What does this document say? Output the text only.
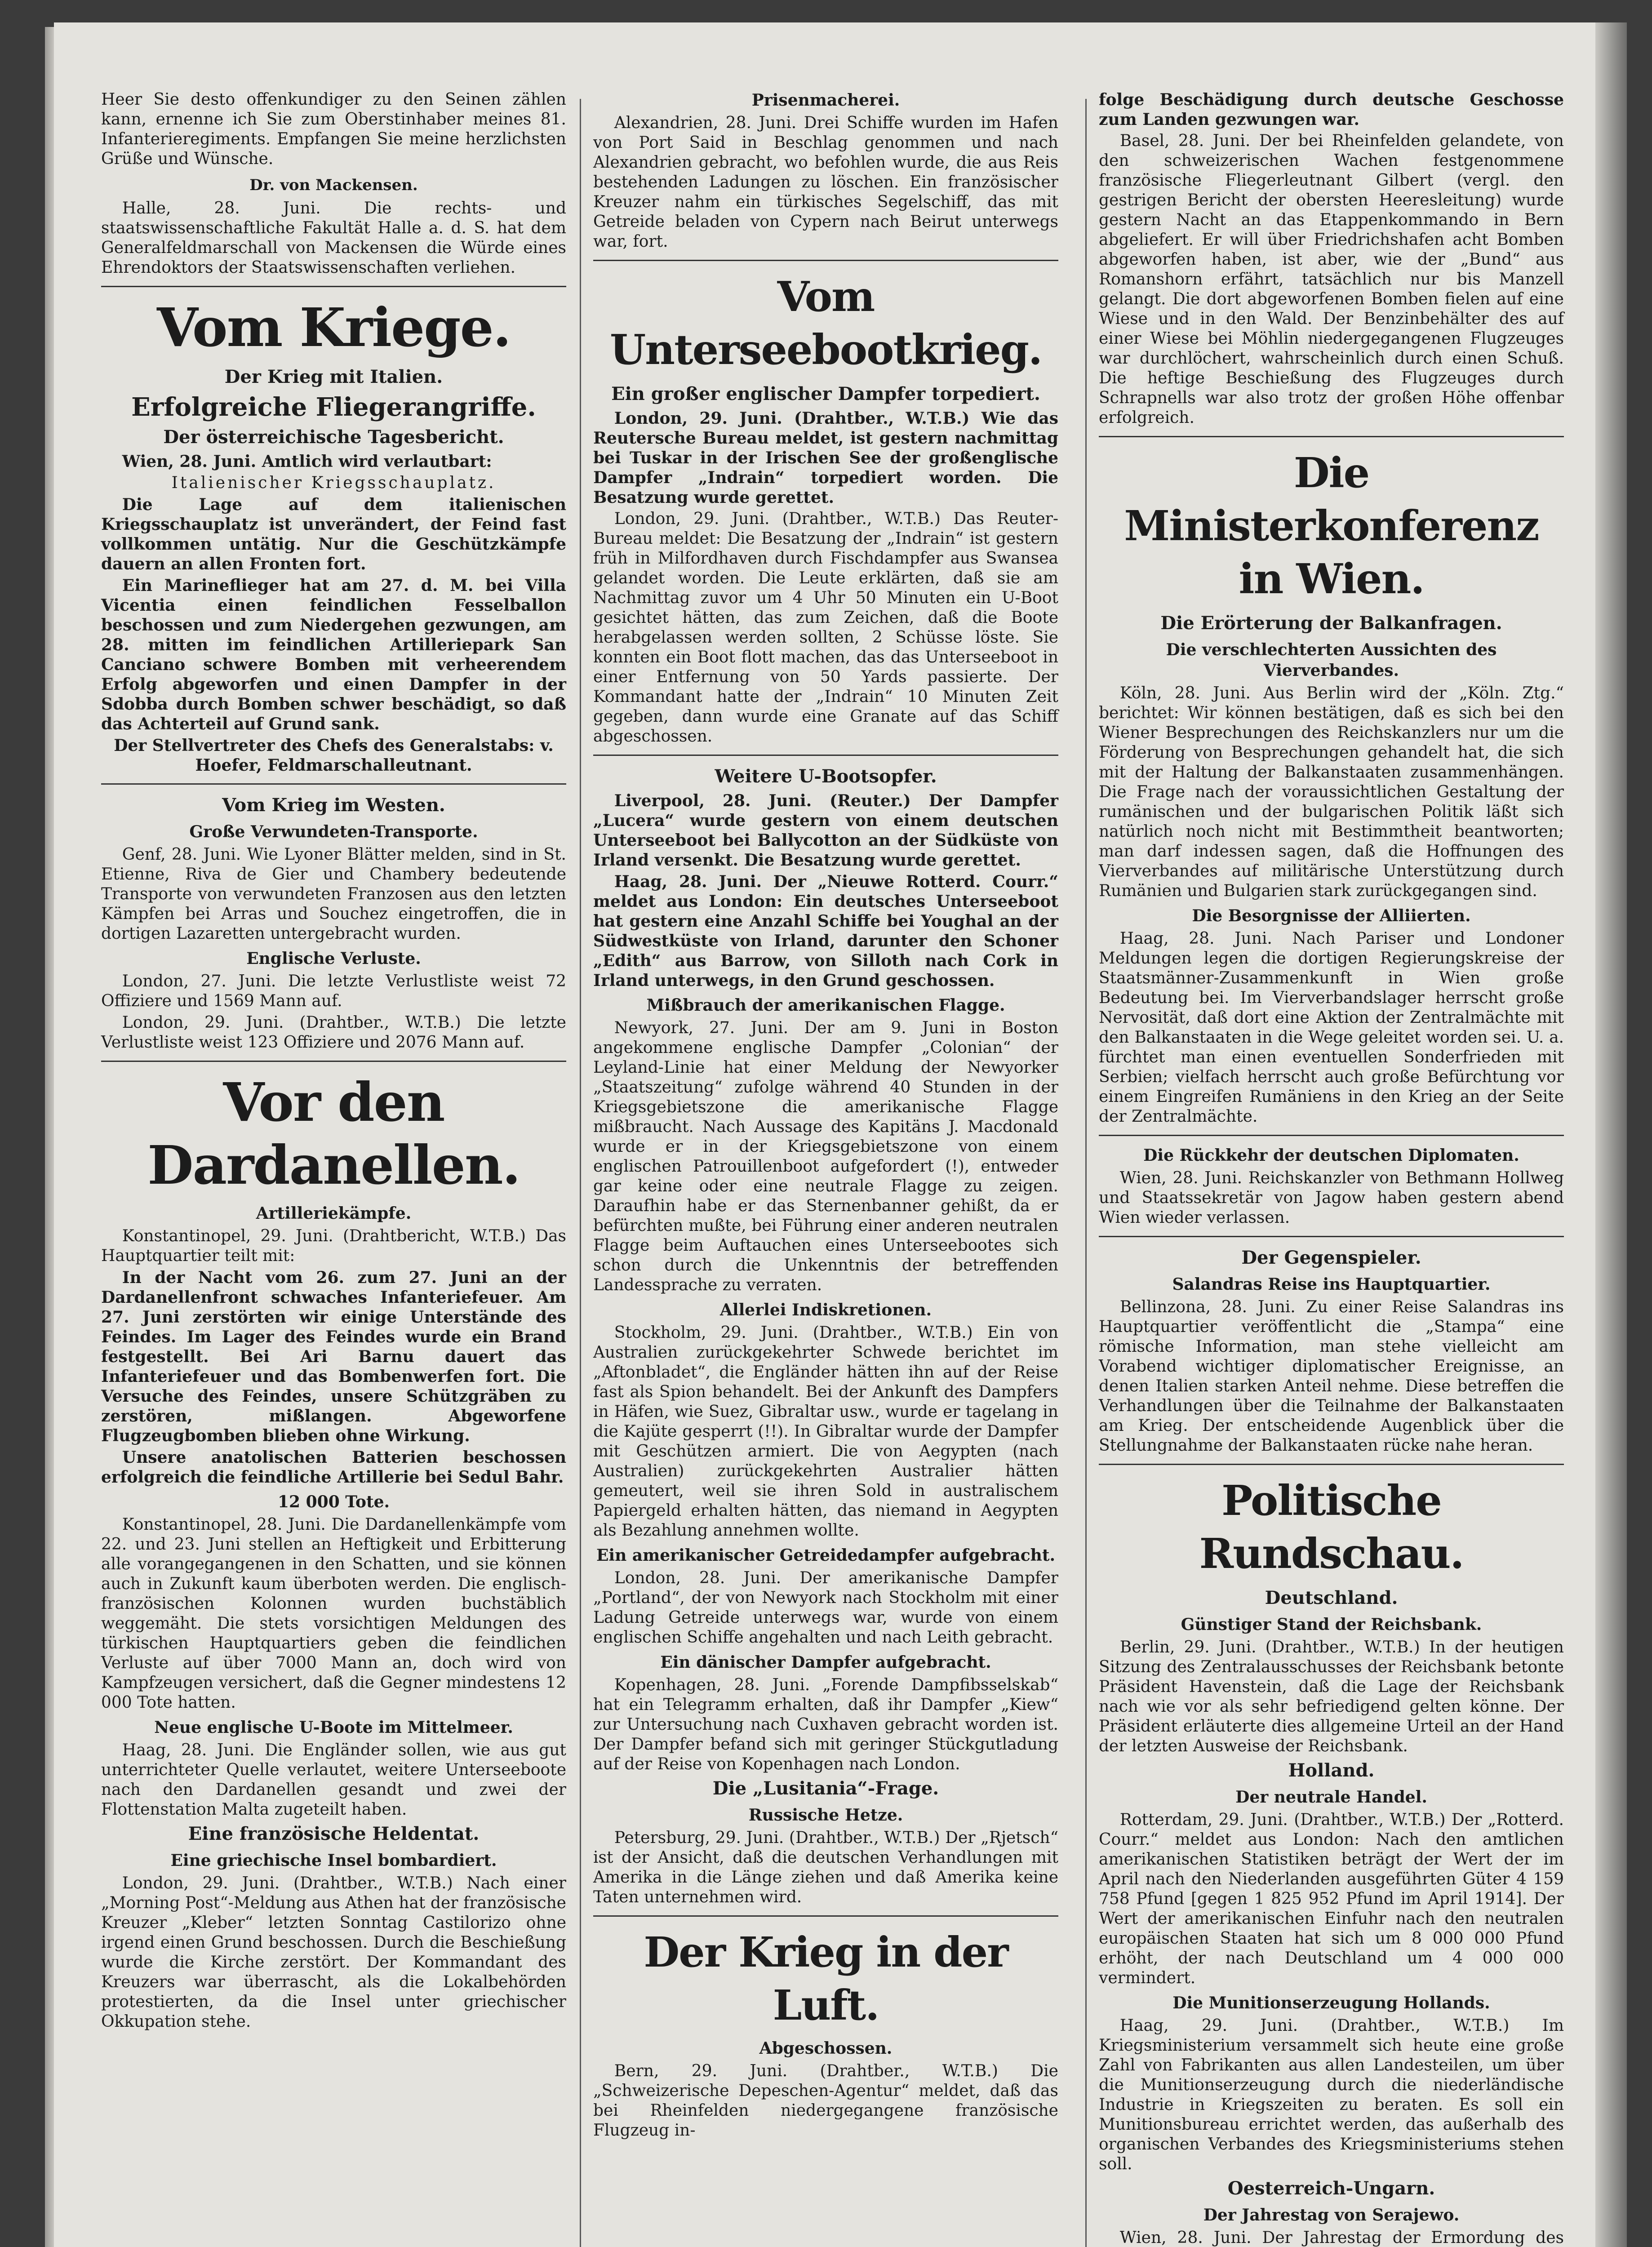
Heer Sie desto offenkundiger zu den Seinen zählen kann, ernenne ich Sie zum Oberstinhaber meines 81. Infanterieregiments. Empfangen Sie meine herzlichsten Grüße und Wünsche.

Dr. von Mackensen.

Halle, 28. Juni. Die rechts- und staatswissenschaftliche Fakultät Halle a. d. S. hat dem Generalfeldmarschall von Mackensen die Würde eines Ehrendoktors der Staatswissenschaften verliehen.

Vom Kriege.
Der Krieg mit Italien.
Erfolgreiche Fliegerangriffe.
Der österreichische Tagesbericht.

Wien, 28. Juni. Amtlich wird verlautbart:

Italienischer Kriegsschauplatz.

Die Lage auf dem italienischen Kriegsschauplatz ist unverändert, der Feind fast vollkommen untätig. Nur die Geschützkämpfe dauern an allen Fronten fort.

Ein Marineflieger hat am 27. d. M. bei Villa Vicentia einen feindlichen Fesselballon beschossen und zum Niedergehen gezwungen, am 28. mitten im feindlichen Artilleriepark San Canciano schwere Bomben mit verheerendem Erfolg abgeworfen und einen Dampfer in der Sdobba durch Bomben schwer beschädigt, so daß das Achterteil auf Grund sank.

Der Stellvertreter des Chefs des Generalstabs: v. Hoefer, Feldmarschalleutnant.

Vom Krieg im Westen.
Große Verwundeten-Transporte.

Genf, 28. Juni. Wie Lyoner Blätter melden, sind in St. Etienne, Riva de Gier und Chambery bedeutende Transporte von verwundeten Franzosen aus den letzten Kämpfen bei Arras und Souchez eingetroffen, die in dortigen Lazaretten untergebracht wurden.

Englische Verluste.

London, 27. Juni. Die letzte Verlustliste weist 72 Offiziere und 1569 Mann auf.

London, 29. Juni. (Drahtber., W.T.B.) Die letzte Verlustliste weist 123 Offiziere und 2076 Mann auf.

Vor den Dardanellen.
Artilleriekämpfe.

Konstantinopel, 29. Juni. (Drahtbericht, W.T.B.) Das Hauptquartier teilt mit:

In der Nacht vom 26. zum 27. Juni an der Dardanellenfront schwaches Infanteriefeuer. Am 27. Juni zerstörten wir einige Unterstände des Feindes. Im Lager des Feindes wurde ein Brand festgestellt. Bei Ari Barnu dauert das Infanteriefeuer und das Bombenwerfen fort. Die Versuche des Feindes, unsere Schützgräben zu zerstören, mißlangen. Abgeworfene Flugzeugbomben blieben ohne Wirkung.

Unsere anatolischen Batterien beschossen erfolgreich die feindliche Artillerie bei Sedul Bahr.

12 000 Tote.

Konstantinopel, 28. Juni. Die Dardanellenkämpfe vom 22. und 23. Juni stellen an Heftigkeit und Erbitterung alle vorangegangenen in den Schatten, und sie können auch in Zukunft kaum überboten werden. Die englisch-französischen Kolonnen wurden buchstäblich weggemäht. Die stets vorsichtigen Meldungen des türkischen Hauptquartiers geben die feindlichen Verluste auf über 7000 Mann an, doch wird von Kampfzeugen versichert, daß die Gegner mindestens 12 000 Tote hatten.

Neue englische U-Boote im Mittelmeer.

Haag, 28. Juni. Die Engländer sollen, wie aus gut unterrichteter Quelle verlautet, weitere Unterseeboote nach den Dardanellen gesandt und zwei der Flottenstation Malta zugeteilt haben.

Eine französische Heldentat.
Eine griechische Insel bombardiert.

London, 29. Juni. (Drahtber., W.T.B.) Nach einer „Morning Post“-Meldung aus Athen hat der französische Kreuzer „Kleber“ letzten Sonntag Castilorizo ohne irgend einen Grund beschossen. Durch die Beschießung wurde die Kirche zerstört. Der Kommandant des Kreuzers war überrascht, als die Lokalbehörden protestierten, da die Insel unter griechischer Okkupation stehe.

Prisenmacherei.

Alexandrien, 28. Juni. Drei Schiffe wurden im Hafen von Port Said in Beschlag genommen und nach Alexandrien gebracht, wo befohlen wurde, die aus Reis bestehenden Ladungen zu löschen. Ein französischer Kreuzer nahm ein türkisches Segelschiff, das mit Getreide beladen von Cypern nach Beirut unterwegs war, fort.

Vom Unterseebootkrieg.
Ein großer englischer Dampfer torpediert.

London, 29. Juni. (Drahtber., W.T.B.) Wie das Reutersche Bureau meldet, ist gestern nachmittag bei Tuskar in der Irischen See der großenglische Dampfer „Indrain“ torpediert worden. Die Besatzung wurde gerettet.

London, 29. Juni. (Drahtber., W.T.B.) Das Reuter-Bureau meldet: Die Besatzung der „Indrain“ ist gestern früh in Milfordhaven durch Fischdampfer aus Swansea gelandet worden. Die Leute erklärten, daß sie am Nachmittag zuvor um 4 Uhr 50 Minuten ein U-Boot gesichtet hätten, das zum Zeichen, daß die Boote herabgelassen werden sollten, 2 Schüsse löste. Sie konnten ein Boot flott machen, das das Unterseeboot in einer Entfernung von 50 Yards passierte. Der Kommandant hatte der „Indrain“ 10 Minuten Zeit gegeben, dann wurde eine Granate auf das Schiff abgeschossen.

Weitere U-Bootsopfer.

Liverpool, 28. Juni. (Reuter.) Der Dampfer „Lucera“ wurde gestern von einem deutschen Unterseeboot bei Ballycotton an der Südküste von Irland versenkt. Die Besatzung wurde gerettet.

Haag, 28. Juni. Der „Nieuwe Rotterd. Courr.“ meldet aus London: Ein deutsches Unterseeboot hat gestern eine Anzahl Schiffe bei Youghal an der Südwestküste von Irland, darunter den Schoner „Edith“ aus Barrow, von Silloth nach Cork in Irland unterwegs, in den Grund geschossen.

Mißbrauch der amerikanischen Flagge.

Newyork, 27. Juni. Der am 9. Juni in Boston angekommene englische Dampfer „Colonian“ der Leyland-Linie hat einer Meldung der Newyorker „Staatszeitung“ zufolge während 40 Stunden in der Kriegsgebietszone die amerikanische Flagge mißbraucht. Nach Aussage des Kapitäns J. Macdonald wurde er in der Kriegsgebietszone von einem englischen Patrouillenboot aufgefordert (!), entweder gar keine oder eine neutrale Flagge zu zeigen. Daraufhin habe er das Sternenbanner gehißt, da er befürchten mußte, bei Führung einer anderen neutralen Flagge beim Auftauchen eines Unterseebootes sich schon durch die Unkenntnis der betreffenden Landessprache zu verraten.

Allerlei Indiskretionen.

Stockholm, 29. Juni. (Drahtber., W.T.B.) Ein von Australien zurückgekehrter Schwede berichtet im „Aftonbladet“, die Engländer hätten ihn auf der Reise fast als Spion behandelt. Bei der Ankunft des Dampfers in Häfen, wie Suez, Gibraltar usw., wurde er tagelang in die Kajüte gesperrt (!!). In Gibraltar wurde der Dampfer mit Geschützen armiert. Die von Aegypten (nach Australien) zurückgekehrten Australier hätten gemeutert, weil sie ihren Sold in australischem Papiergeld erhalten hätten, das niemand in Aegypten als Bezahlung annehmen wollte.

Ein amerikanischer Getreidedampfer aufgebracht.

London, 28. Juni. Der amerikanische Dampfer „Portland“, der von Newyork nach Stockholm mit einer Ladung Getreide unterwegs war, wurde von einem englischen Schiffe angehalten und nach Leith gebracht.

Ein dänischer Dampfer aufgebracht.

Kopenhagen, 28. Juni. „Forende Dampfibsselskab“ hat ein Telegramm erhalten, daß ihr Dampfer „Kiew“ zur Untersuchung nach Cuxhaven gebracht worden ist. Der Dampfer befand sich mit geringer Stückgutladung auf der Reise von Kopenhagen nach London.

Die „Lusitania“-Frage.
Russische Hetze.

Petersburg, 29. Juni. (Drahtber., W.T.B.) Der „Rjetsch“ ist der Ansicht, daß die deutschen Verhandlungen mit Amerika in die Länge ziehen und daß Amerika keine Taten unternehmen wird.

Der Krieg in der Luft.
Abgeschossen.

Bern, 29. Juni. (Drahtber., W.T.B.) Die „Schweizerische Depeschen-Agentur“ meldet, daß das bei Rheinfelden niedergegangene französische Flugzeug in-

folge Beschädigung durch deutsche Geschosse zum Landen gezwungen war.

Basel, 28. Juni. Der bei Rheinfelden gelandete, von den schweizerischen Wachen festgenommene französische Fliegerleutnant Gilbert (vergl. den gestrigen Bericht der obersten Heeresleitung) wurde gestern Nacht an das Etappenkommando in Bern abgeliefert. Er will über Friedrichshafen acht Bomben abgeworfen haben, ist aber, wie der „Bund“ aus Romanshorn erfährt, tatsächlich nur bis Manzell gelangt. Die dort abgeworfenen Bomben fielen auf eine Wiese und in den Wald. Der Benzinbehälter des auf einer Wiese bei Möhlin niedergegangenen Flugzeuges war durchlöchert, wahrscheinlich durch einen Schuß. Die heftige Beschießung des Flugzeuges durch Schrapnells war also trotz der großen Höhe offenbar erfolgreich.

Die Ministerkonferenz in Wien.
Die Erörterung der Balkanfragen.
Die verschlechterten Aussichten des Vierverbandes.

Köln, 28. Juni. Aus Berlin wird der „Köln. Ztg.“ berichtet: Wir können bestätigen, daß es sich bei den Wiener Besprechungen des Reichskanzlers nur um die Förderung von Besprechungen gehandelt hat, die sich mit der Haltung der Balkanstaaten zusammenhängen. Die Frage nach der voraussichtlichen Gestaltung der rumänischen und der bulgarischen Politik läßt sich natürlich noch nicht mit Bestimmtheit beantworten; man darf indessen sagen, daß die Hoffnungen des Vierverbandes auf militärische Unterstützung durch Rumänien und Bulgarien stark zurückgegangen sind.

Die Besorgnisse der Alliierten.

Haag, 28. Juni. Nach Pariser und Londoner Meldungen legen die dortigen Regierungskreise der Staatsmänner-Zusammenkunft in Wien große Bedeutung bei. Im Vierverbandslager herrscht große Nervosität, daß dort eine Aktion der Zentralmächte mit den Balkanstaaten in die Wege geleitet worden sei. U. a. fürchtet man einen eventuellen Sonderfrieden mit Serbien; vielfach herrscht auch große Befürchtung vor einem Eingreifen Rumäniens in den Krieg an der Seite der Zentralmächte.

Die Rückkehr der deutschen Diplomaten.

Wien, 28. Juni. Reichskanzler von Bethmann Hollweg und Staatssekretär von Jagow haben gestern abend Wien wieder verlassen.

Der Gegenspieler.
Salandras Reise ins Hauptquartier.

Bellinzona, 28. Juni. Zu einer Reise Salandras ins Hauptquartier veröffentlicht die „Stampa“ eine römische Information, man stehe vielleicht am Vorabend wichtiger diplomatischer Ereignisse, an denen Italien starken Anteil nehme. Diese betreffen die Verhandlungen über die Teilnahme der Balkanstaaten am Krieg. Der entscheidende Augenblick über die Stellungnahme der Balkanstaaten rücke nahe heran.

Politische Rundschau.
Deutschland.
Günstiger Stand der Reichsbank.

Berlin, 29. Juni. (Drahtber., W.T.B.) In der heutigen Sitzung des Zentralausschusses der Reichsbank betonte Präsident Havenstein, daß die Lage der Reichsbank nach wie vor als sehr befriedigend gelten könne. Der Präsident erläuterte dies allgemeine Urteil an der Hand der letzten Ausweise der Reichsbank.

Holland.
Der neutrale Handel.

Rotterdam, 29. Juni. (Drahtber., W.T.B.) Der „Rotterd. Courr.“ meldet aus London: Nach den amtlichen amerikanischen Statistiken beträgt der Wert der im April nach den Niederlanden ausgeführten Güter 4 159 758 Pfund [gegen 1 825 952 Pfund im April 1914]. Der Wert der amerikanischen Einfuhr nach den neutralen europäischen Staaten hat sich um 8 000 000 Pfund erhöht, der nach Deutschland um 4 000 000 vermindert.

Die Munitionserzeugung Hollands.

Haag, 29. Juni. (Drahtber., W.T.B.) Im Kriegsministerium versammelt sich heute eine große Zahl von Fabrikanten aus allen Landesteilen, um über die Munitionserzeugung durch die niederländische Industrie in Kriegszeiten zu beraten. Es soll ein Munitionsbureau errichtet werden, das außerhalb des organischen Verbandes des Kriegsministeriums stehen soll.

Oesterreich-Ungarn.
Der Jahrestag von Serajewo.

Wien, 28. Juni. Der Jahrestag der Ermordung des
